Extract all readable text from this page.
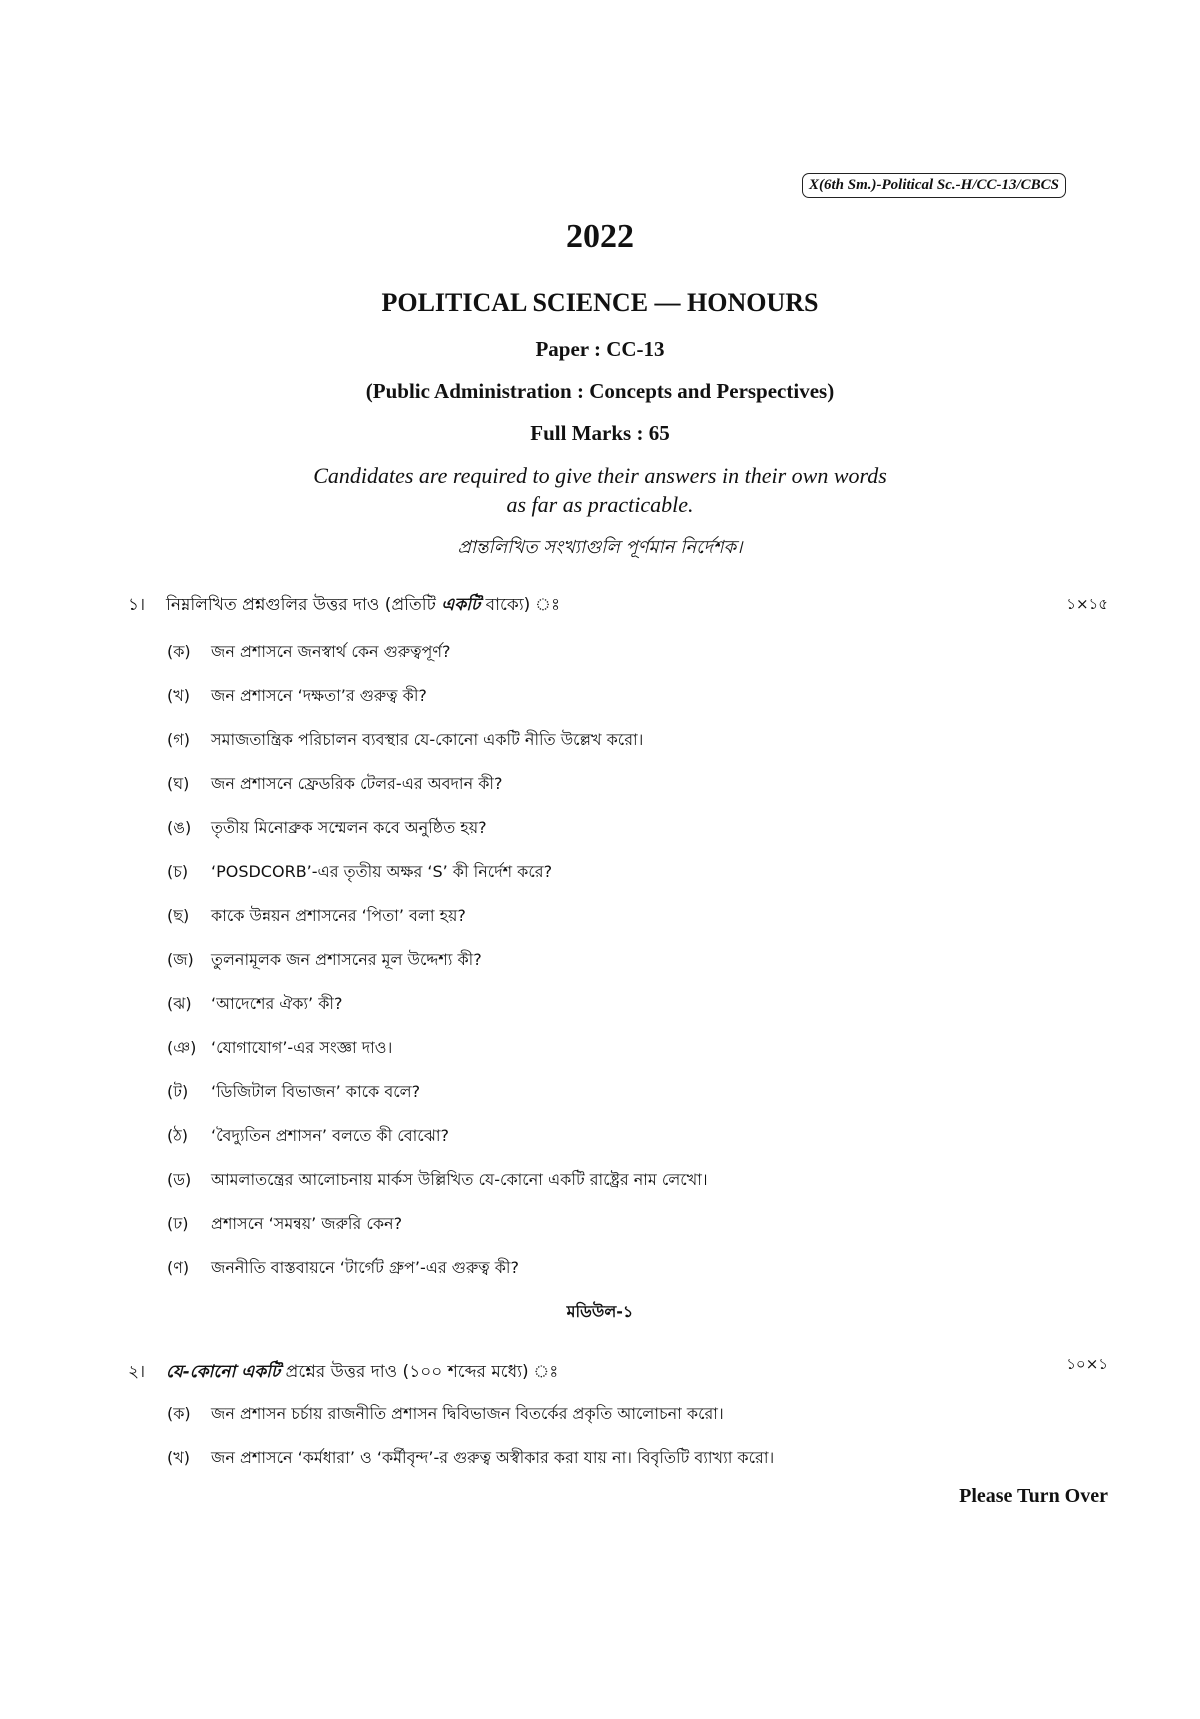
X(6th Sm.)-Political Sc.-H/CC-13/CBCS
2022
POLITICAL SCIENCE — HONOURS
Paper : CC-13
(Public Administration : Concepts and Perspectives)
Full Marks : 65
Candidates are required to give their answers in their own words
as far as practicable.
প্রান্তলিখিত সংখ্যাগুলি পূর্ণমান নির্দেশক।
১। নিম্নলিখিত প্রশ্নগুলির উত্তর দাও (প্রতিটি একটি বাক্যে) ঃ	১×১৫
(ক) জন প্রশাসনে জনস্বার্থ কেন গুরুত্বপূর্ণ?
(খ) জন প্রশাসনে ‘দক্ষতা’র গুরুত্ব কী?
(গ) সমাজতান্ত্রিক পরিচালন ব্যবস্থার যে-কোনো একটি নীতি উল্লেখ করো।
(ঘ) জন প্রশাসনে ফ্রেডরিক টেলর-এর অবদান কী?
(ঙ) তৃতীয় মিনোব্রুক সম্মেলন কবে অনুষ্ঠিত হয়?
(চ) ‘POSDCORB’-এর তৃতীয় অক্ষর ‘S’ কী নির্দেশ করে?
(ছ) কাকে উন্নয়ন প্রশাসনের ‘পিতা’ বলা হয়?
(জ) তুলনামূলক জন প্রশাসনের মূল উদ্দেশ্য কী?
(ঝ) ‘আদেশের ঐক্য’ কী?
(ঞ) ‘যোগাযোগ’-এর সংজ্ঞা দাও।
(ট) ‘ডিজিটাল বিভাজন’ কাকে বলে?
(ঠ) ‘বৈদ্যুতিন প্রশাসন’ বলতে কী বোঝো?
(ড) আমলাতন্ত্রের আলোচনায় মার্কস উল্লিখিত যে-কোনো একটি রাষ্ট্রের নাম লেখো।
(ঢ) প্রশাসনে ‘সমন্বয়’ জরুরি কেন?
(ণ) জননীতি বাস্তবায়নে ‘টার্গেট গ্রুপ’-এর গুরুত্ব কী?
মডিউল-১
২। যে-কোনো একটি প্রশ্নের উত্তর দাও (১০০ শব্দের মধ্যে) ঃ	১০×১
(ক) জন প্রশাসন চর্চায় রাজনীতি প্রশাসন দ্বিবিভাজন বিতর্কের প্রকৃতি আলোচনা করো।
(খ) জন প্রশাসনে ‘কর্মধারা’ ও ‘কর্মীবৃন্দ’-র গুরুত্ব অস্বীকার করা যায় না। বিবৃতিটি ব্যাখ্যা করো।
Please Turn Over
